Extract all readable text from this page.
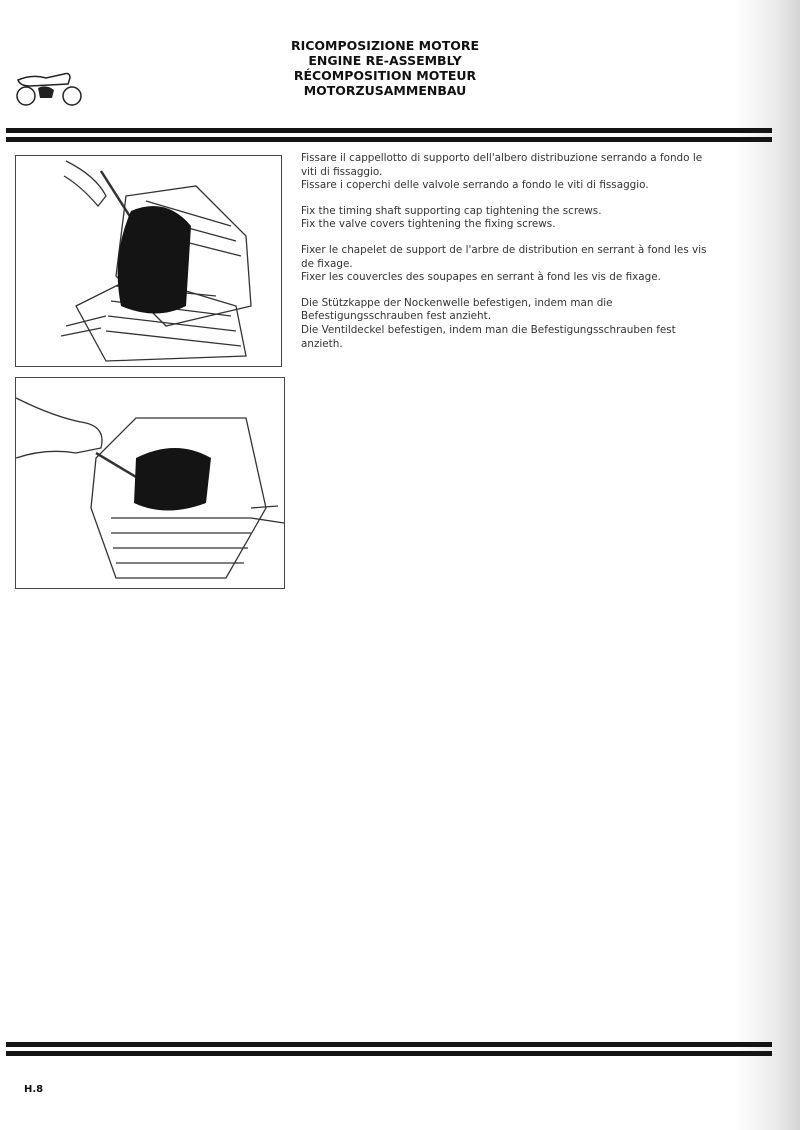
RICOMPOSIZIONE MOTORE
ENGINE RE-ASSEMBLY
RÉCOMPOSITION MOTEUR
MOTORZUSAMMENBAU

Fissare il cappellotto di supporto dell'albero distribuzione serrando a fondo le viti di fissaggio.
Fissare i coperchi delle valvole serrando a fondo le viti di fissaggio.

Fix the timing shaft supporting cap tightening the screws.
Fix the valve covers tightening the fixing screws.

Fixer le chapelet de support de l'arbre de distribution en serrant à fond les vis de fixage.
Fixer les couvercles des soupapes en serrant à fond les vis de fixage.

Die Stützkappe der Nockenwelle befestigen, indem man die Befestigungsschrauben fest anzieht.
Die Ventildeckel befestigen, indem man die Befestigungsschrauben fest anzieth.

H.8
